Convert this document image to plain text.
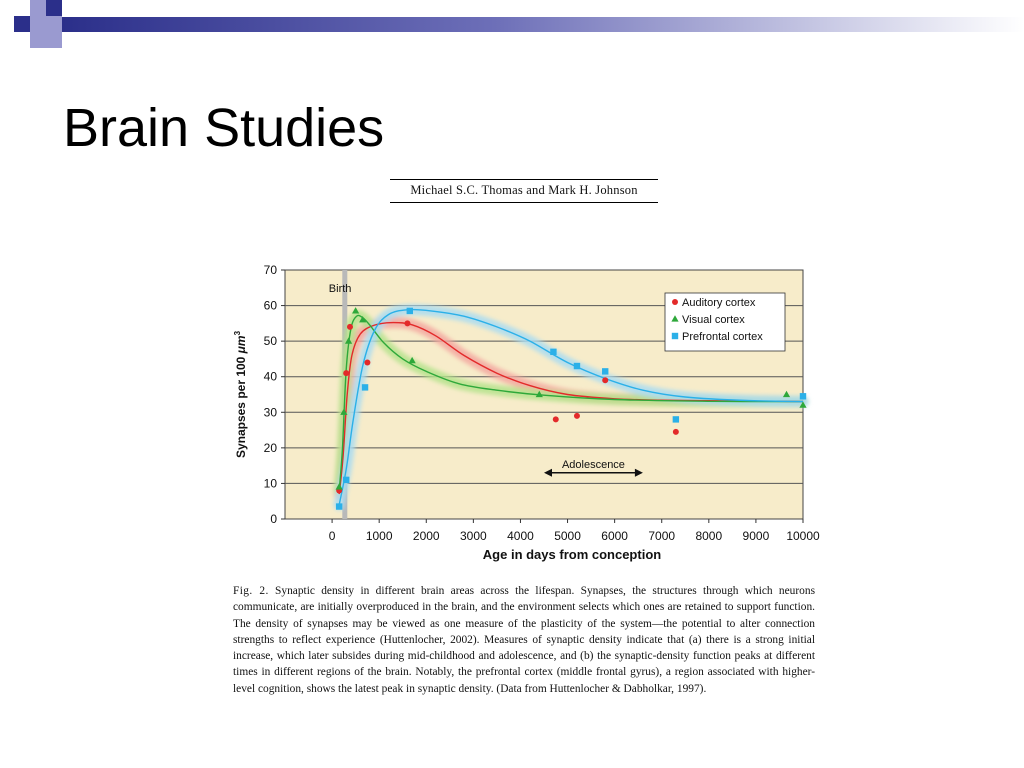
Brain Studies
Michael S.C. Thomas and Mark H. Johnson
Birth
Adolescence
Auditory cortex
Visual cortex
Prefrontal cortex
0
10
20
30
40
50
60
70
0	1000 2000 3000 4000 5000 6000 7000 8000 9000 10000
Synapses per 100 $\mu m^3$
Age in days from conception

Fig. 2. Synaptic density in different brain areas across the lifespan. Synapses, the structures through which neurons communicate, are initially overproduced in the brain, and the environment selects which ones are retained to support function. The density of synapses may be viewed as one measure of the plasticity of the system—the potential to alter connection strengths to reflect experience (Huttenlocher, 2002). Measures of synaptic density indicate that (a) there is a strong initial increase, which later subsides during mid-childhood and adolescence, and (b) the synaptic-density function peaks at different times in different regions of the brain. Notably, the prefrontal cortex (middle frontal gyrus), a region associated with higher-level cognition, shows the latest peak in synaptic density. (Data from Huttenlocher & Dabholkar, 1997).
